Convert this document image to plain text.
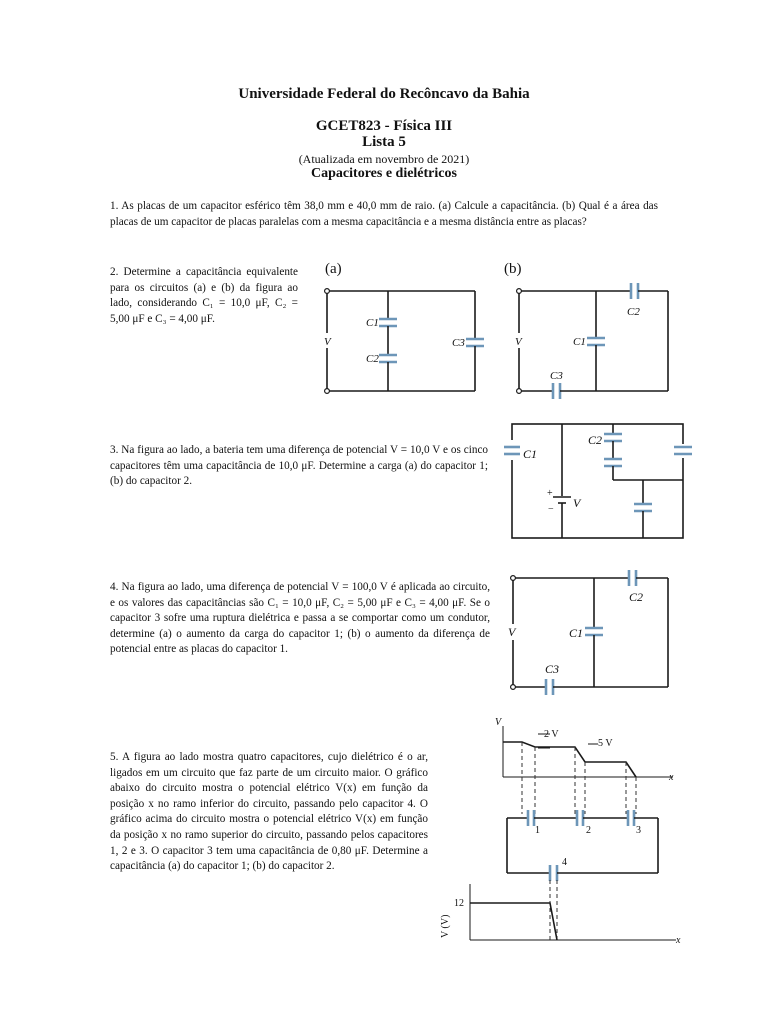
Universidade Federal do Recôncavo da Bahia
GCET823 - Física III
Lista 5
(Atualizada em novembro de 2021)
Capacitores e dielétricos
1. As placas de um capacitor esférico têm 38,0 mm e 40,0 mm de raio. (a) Calcule a capacitância. (b) Qual é a área das placas de um capacitor de placas paralelas com a mesma capacitância e a mesma distância entre as placas?
2. Determine a capacitância equivalente para os circuitos (a) e (b) da figura ao lado, considerando C₁ = 10,0 μF, C₂ = 5,00 μF e C₃ = 4,00 μF.
3. Na figura ao lado, a bateria tem uma diferença de potencial V = 10,0 V e os cinco capacitores têm uma capacitância de 10,0 μF. Determine a carga (a) do capacitor 1; (b) do capacitor 2.
4. Na figura ao lado, uma diferença de potencial V = 100,0 V é aplicada ao circuito, e os valores das capacitâncias são C₁ = 10,0 μF, C₂ = 5,00 μF e C₃ = 4,00 μF. Se o capacitor 3 sofre uma ruptura dielétrica e passa a se comportar como um condutor, determine (a) o aumento da carga do capacitor 1; (b) o aumento da diferença de potencial entre as placas do capacitor 1.
5. A figura ao lado mostra quatro capacitores, cujo dielétrico é o ar, ligados em um circuito que faz parte de um circuito maior. O gráfico abaixo do circuito mostra o potencial elétrico V(x) em função da posição x no ramo inferior do circuito, passando pelo capacitor 4. O gráfico acima do circuito mostra o potencial elétrico V(x) em função da posição x no ramo superior do circuito, passando pelos capacitores 1, 2 e 3. O capacitor 3 tem uma capacitância de 0,80 μF. Determine a capacitância (a) do capacitor 1; (b) do capacitor 2.
(a)
V
C1
C2
C3
(b)
V
C2
C3
C1
C1
+
− V
C2
V
C2
C3
C1
V
x
2 V
5 V
1	2	3
4
12
x
V (V)
